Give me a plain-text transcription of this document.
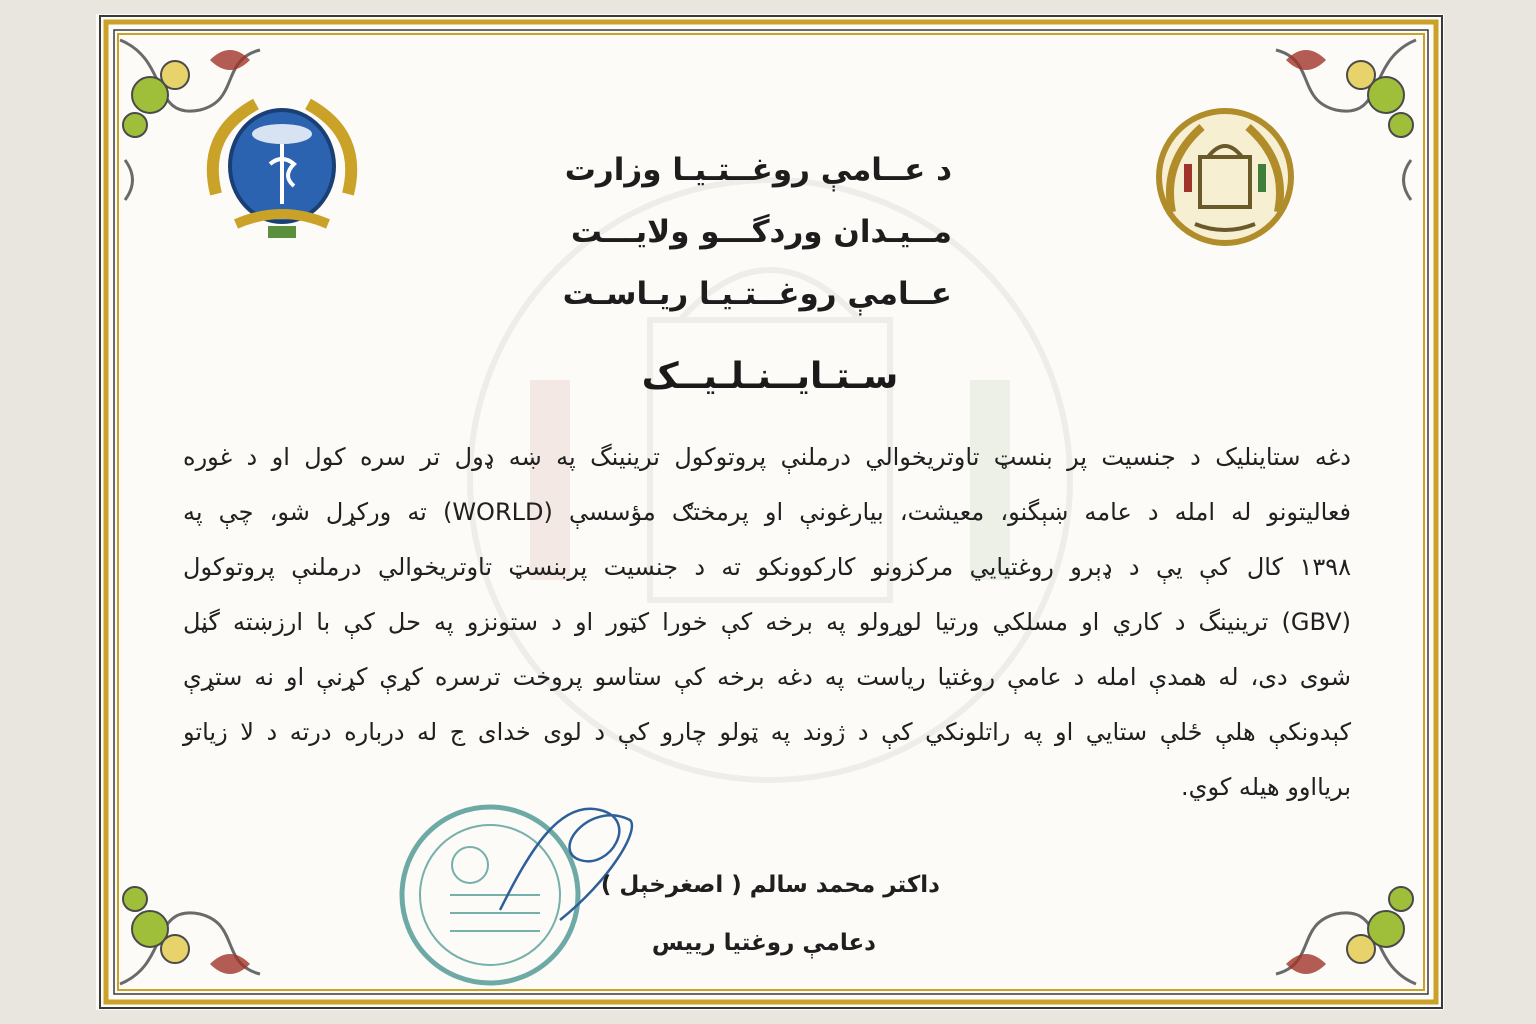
د عــامې روغــتـيـا وزارت
مــيـدان وردگـــو ولايـــت
عــامې روغــتـيـا ريـاسـت
سـتـايــنـلـيــک
دغه ستاينليک د جنسيت پر بنسټ تاوتريخوالي درملنې پروتوکول ترينينگ په ښه ډول تر سره کول او د غوره
فعاليتونو له امله د عامه ښېگنو، معيشت، بيارغونې او پرمختګ مؤسسې (WORLD) ته ورکړل شو، چې په
۱۳۹۸ کال کې يې د ډېرو روغتيايي مرکزونو کارکوونکو ته د جنسيت پربنسټ تاوتريخوالي درملنې پروتوکول
(GBV) ترينينگ د کاري او مسلکي ورتيا لوړولو په برخه کې خورا کټور او د ستونزو په حل کې با ارزښته گڼل
شوی دی، له همدې امله د عامې روغتيا رياست په دغه برخه کې ستاسو پروخت ترسره کړې کړنې او نه ستړې
کېدونکې هلې ځلې ستايي او په راتلونکي کې د ژوند په ټولو چارو کې د لوی خدای ج له درباره درته د لا زياتو
بريااوو هيله کوي.
داکتر محمد سالم ( اصغرخېل )
دعامې روغتيا رييس
